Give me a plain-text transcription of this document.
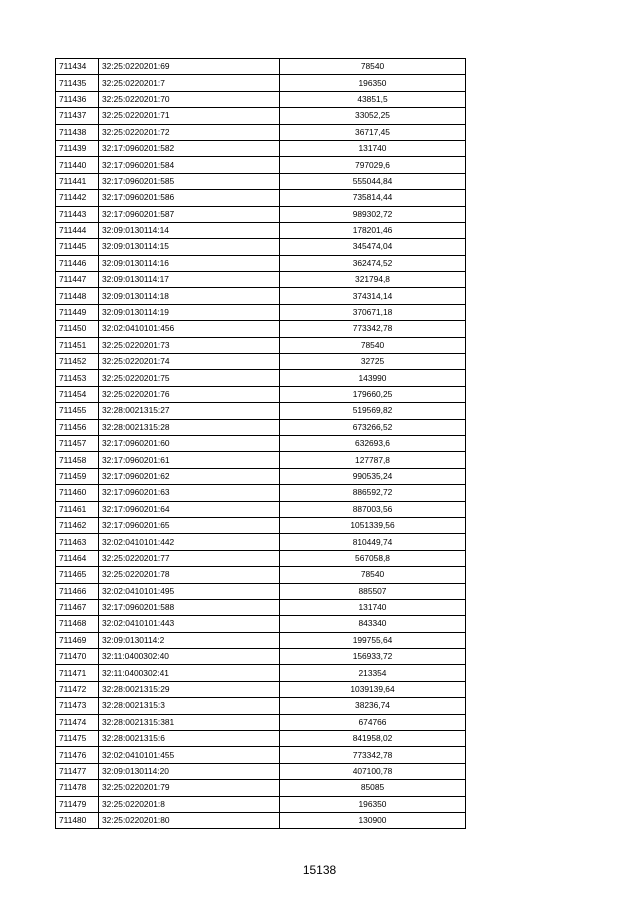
711434	32:25:0220201:69	78540
711435	32:25:0220201:7	196350
711436	32:25:0220201:70	43851,5
711437	32:25:0220201:71	33052,25
711438	32:25:0220201:72	36717,45
711439	32:17:0960201:582	131740
711440	32:17:0960201:584	797029,6
711441	32:17:0960201:585	555044,84
711442	32:17:0960201:586	735814,44
711443	32:17:0960201:587	989302,72
711444	32:09:0130114:14	178201,46
711445	32:09:0130114:15	345474,04
711446	32:09:0130114:16	362474,52
711447	32:09:0130114:17	321794,8
711448	32:09:0130114:18	374314,14
711449	32:09:0130114:19	370671,18
711450	32:02:0410101:456	773342,78
711451	32:25:0220201:73	78540
711452	32:25:0220201:74	32725
711453	32:25:0220201:75	143990
711454	32:25:0220201:76	179660,25
711455	32:28:0021315:27	519569,82
711456	32:28:0021315:28	673266,52
711457	32:17:0960201:60	632693,6
711458	32:17:0960201:61	127787,8
711459	32:17:0960201:62	990535,24
711460	32:17:0960201:63	886592,72
711461	32:17:0960201:64	887003,56
711462	32:17:0960201:65	1051339,56
711463	32:02:0410101:442	810449,74
711464	32:25:0220201:77	567058,8
711465	32:25:0220201:78	78540
711466	32:02:0410101:495	885507
711467	32:17:0960201:588	131740
711468	32:02:0410101:443	843340
711469	32:09:0130114:2	199755,64
711470	32:11:0400302:40	156933,72
711471	32:11:0400302:41	213354
711472	32:28:0021315:29	1039139,64
711473	32:28:0021315:3	38236,74
711474	32:28:0021315:381	674766
711475	32:28:0021315:6	841958,02
711476	32:02:0410101:455	773342,78
711477	32:09:0130114:20	407100,78
711478	32:25:0220201:79	85085
711479	32:25:0220201:8	196350
711480	32:25:0220201:80	130900
15138
